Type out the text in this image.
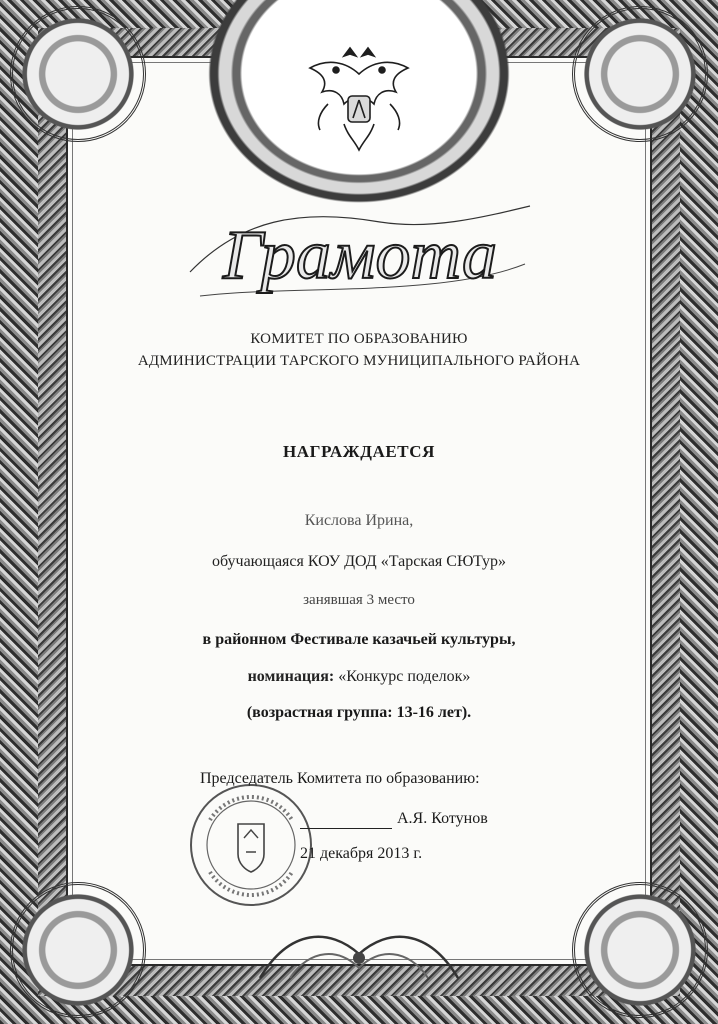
Грамота

КОМИТЕТ ПО ОБРАЗОВАНИЮ
АДМИНИСТРАЦИИ ТАРСКОГО МУНИЦИПАЛЬНОГО РАЙОНА

НАГРАЖДАЕТСЯ

Кислова Ирина,

обучающаяся КОУ ДОД «Тарская СЮТур»

занявшая 3 место

в районном Фестивале казачьей культуры,

номинация: «Конкурс поделок»

(возрастная группа: 13-16 лет).

Председатель Комитета по образованию:
А.Я. Котунов
21 декабря 2013 г.
